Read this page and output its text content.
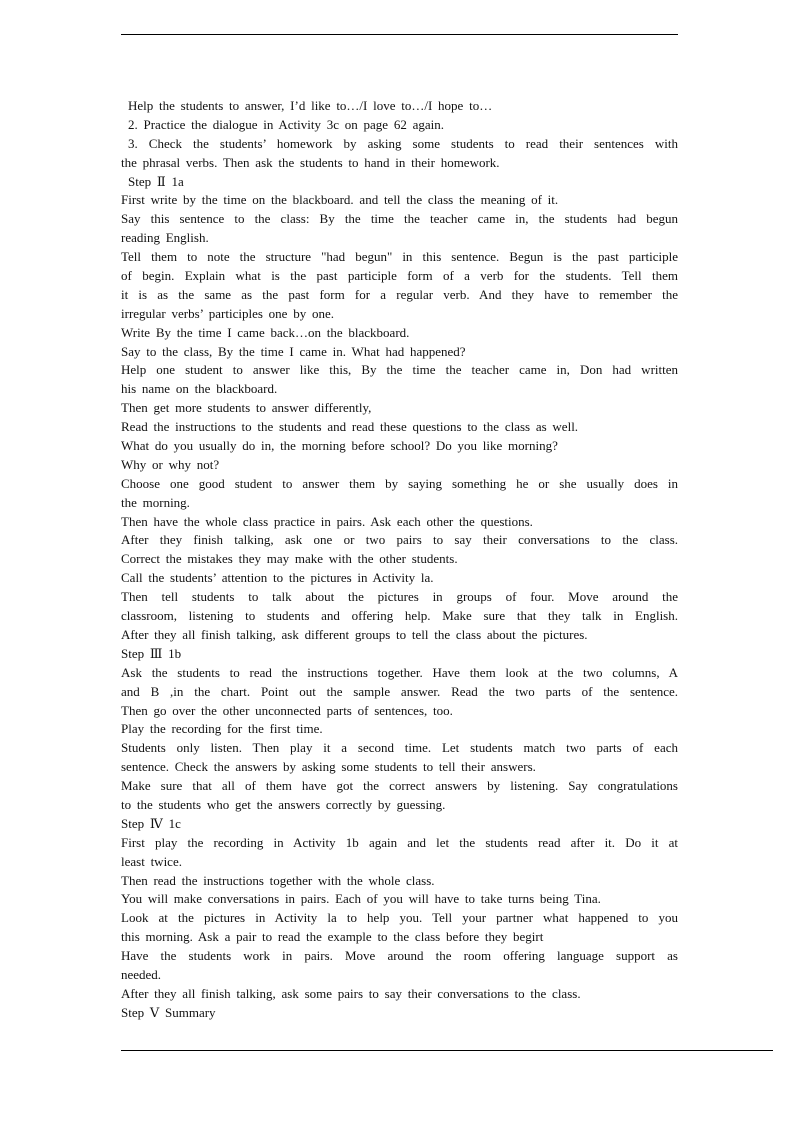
Help the students to answer, I’d like to…/I love to…/I hope to…
2. Practice the dialogue in Activity 3c on page 62 again.
3. Check the students’ homework by asking some students to read their sentences with
the phrasal verbs. Then ask the students to hand in their homework.
Step Ⅱ 1a
First write by the time on the blackboard. and tell the class the meaning of it.
Say this sentence to the class: By the time the teacher came in, the students had begun
reading English.
Tell them to note the structure "had begun" in this sentence. Begun is the past participle
of begin. Explain what is the past participle form of a verb for the students. Tell them
it is as the same as the past form for a regular verb. And they have to remember the
irregular verbs’ participles one by one.
Write By the time I came back…on the blackboard.
Say to the class, By the time I came in. What had happened?
Help one student to answer like this, By the time the teacher came in, Don had written
his name on the blackboard.
Then get more students to answer differently,
Read the instructions to the students and read these questions to the class as well.
What do you usually do in, the morning before school? Do you like morning?
Why or why not?
Choose one good student to answer them by saying something he or she usually does in
the morning.
Then have the whole class practice in pairs. Ask each other the questions.
After they finish talking, ask one or two pairs to say their conversations to the class.
Correct the mistakes they may make with the other students.
Call the students’ attention to the pictures in Activity la.
Then tell students to talk about the pictures in groups of four. Move around the
classroom, listening to students and offering help. Make sure that they talk in English.
After they all finish talking, ask different groups to tell the class about the pictures.
Step Ⅲ 1b
Ask the students to read the instructions together. Have them look at the two columns, A
and B ,in the chart. Point out the sample answer. Read the two parts of the sentence.
Then go over the other unconnected parts of sentences, too.
Play the recording for the first time.
Students only listen. Then play it a second time. Let students match two parts of each
sentence. Check the answers by asking some students to tell their answers.
Make sure that all of them have got the correct answers by listening. Say congratulations
to the students who get the answers correctly by guessing.
Step Ⅳ 1c
First play the recording in Activity 1b again and let the students read after it. Do it at
least twice.
Then read the instructions together with the whole class.
You will make conversations in pairs. Each of you will have to take turns being Tina.
Look at the pictures in Activity la to help you. Tell your partner what happened to you
this morning. Ask a pair to read the example to the class before they begirt
Have the students work in pairs. Move around the room offering language support as
needed.
After they all finish talking, ask some pairs to say their conversations to the class.
Step Ⅴ Summary
